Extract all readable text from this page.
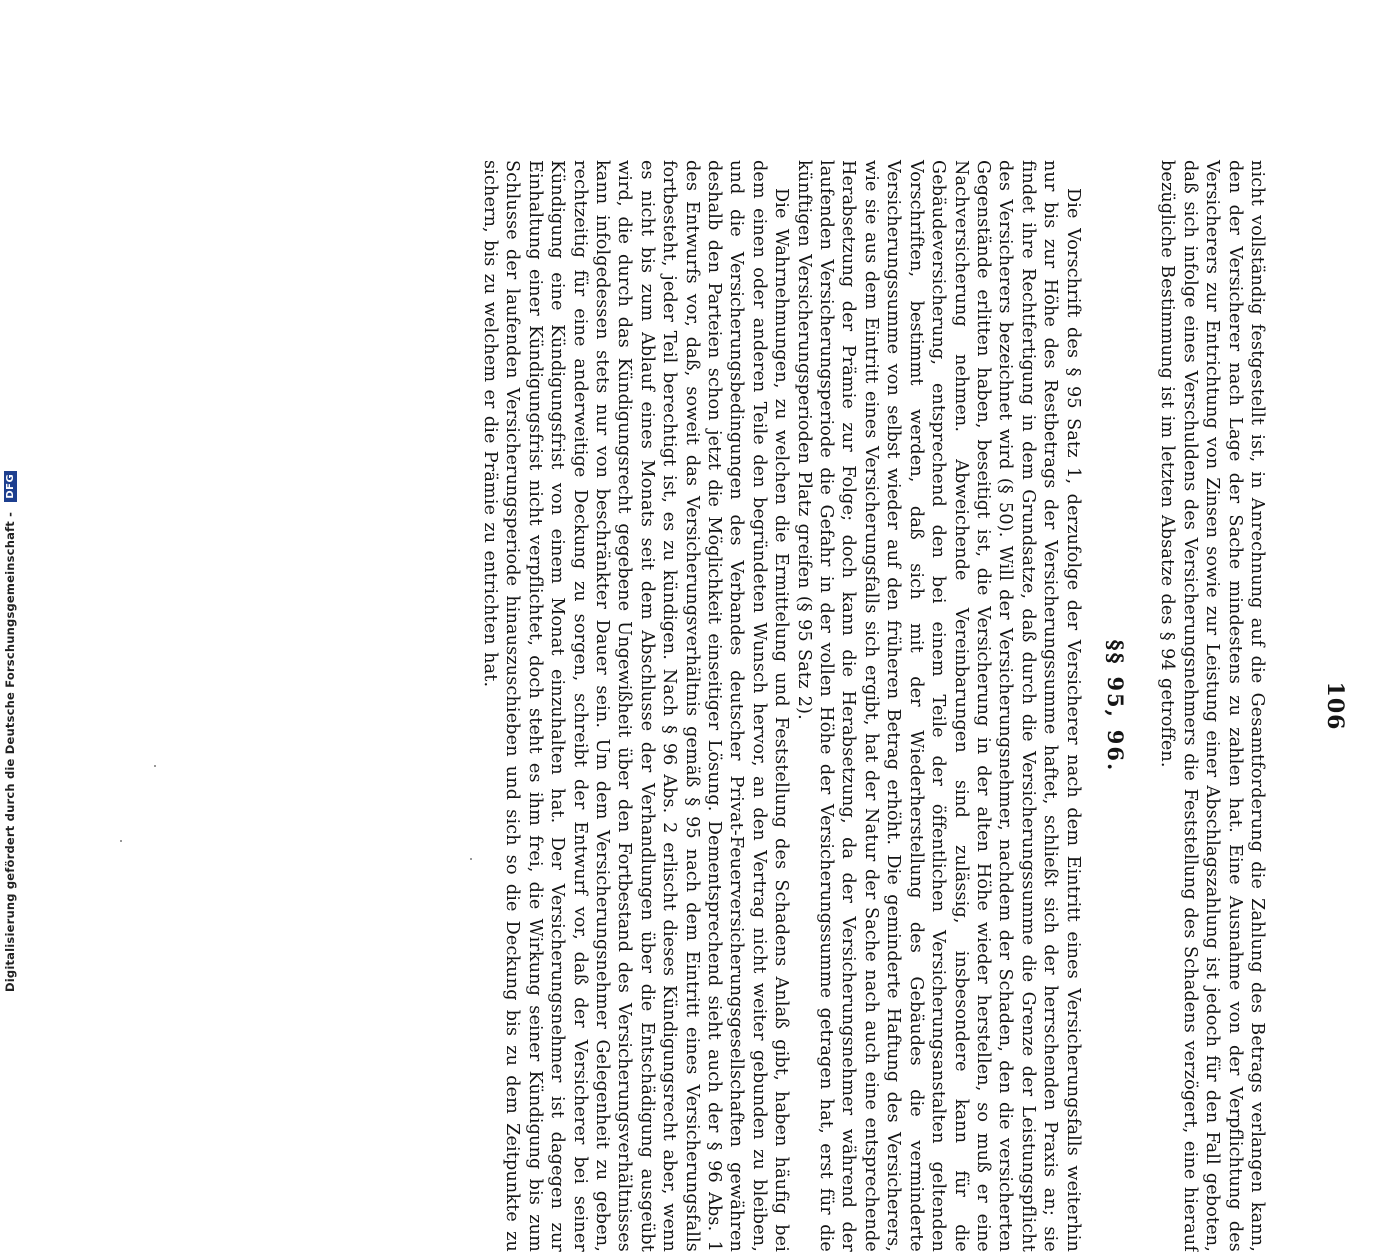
Digitalisierung gefördert durch die Deutsche Forschungsgemeinschaft - DFG
106

nicht vollständig festgestellt ist, in Anrechnung auf die Gesamtforderung die Zahlung des Betrags verlangen kann, den der Versicherer nach Lage der Sache mindestens zu zahlen hat. Eine Ausnahme von der Verpflichtung des Versicherers zur Entrichtung von Zinsen sowie zur Leistung einer Abschlagszahlung ist jedoch für den Fall geboten, daß sich infolge eines Verschuldens des Versicherungsnehmers die Feststellung des Schadens verzögert, eine hierauf bezügliche Bestimmung ist im letzten Absatze des § 94 getroffen.

§§ 95, 96.

Die Vorschrift des § 95 Satz 1, derzufolge der Versicherer nach dem Eintritt eines Versicherungsfalls weiterhin nur bis zur Höhe des Restbetrags der Versicherungssumme haftet, schließt sich der herrschenden Praxis an; sie findet ihre Rechtfertigung in dem Grundsatze, daß durch die Versicherungssumme die Grenze der Leistungspflicht des Versicherers bezeichnet wird (§ 50). Will der Versicherungsnehmer, nachdem der Schaden, den die versicherten Gegenstände erlitten haben, beseitigt ist, die Versicherung in der alten Höhe wieder herstellen, so muß er eine Nachversicherung nehmen. Abweichende Vereinbarungen sind zulässig, insbesondere kann für die Gebäudeversicherung, entsprechend den bei einem Teile der öffentlichen Versicherungsanstalten geltenden Vorschriften, bestimmt werden, daß sich mit der Wiederherstellung des Gebäudes die verminderte Versicherungssumme von selbst wieder auf den früheren Betrag erhöht. Die geminderte Haftung des Versicherers, wie sie aus dem Eintritt eines Versicherungsfalls sich ergibt, hat der Natur der Sache nach auch eine entsprechende Herabsetzung der Prämie zur Folge; doch kann die Herabsetzung, da der Versicherungsnehmer während der laufenden Versicherungsperiode die Gefahr in der vollen Höhe der Versicherungssumme getragen hat, erst für die künftigen Versicherungsperioden Platz greifen (§ 95 Satz 2).

Die Wahrnehmungen, zu welchen die Ermittelung und Feststellung des Schadens Anlaß gibt, haben häufig bei dem einen oder anderen Teile den begründeten Wunsch hervor, an den Vertrag nicht weiter gebunden zu bleiben, und die Versicherungsbedingungen des Verbandes deutscher Privat-Feuerversicherungsgesellschaften gewähren deshalb den Parteien schon jetzt die Möglichkeit einseitiger Lösung. Dementsprechend sieht auch der § 96 Abs. 1 des Entwurfs vor, daß, soweit das Versicherungsverhältnis gemäß § 95 nach dem Eintritt eines Versicherungsfalls fortbesteht, jeder Teil berechtigt ist, es zu kündigen. Nach § 96 Abs. 2 erlischt dieses Kündigungsrecht aber, wenn es nicht bis zum Ablauf eines Monats seit dem Abschlusse der Verhandlungen über die Entschädigung ausgeübt wird, die durch das Kündigungsrecht gegebene Ungewißheit über den Fortbestand des Versicherungsverhältnisses kann infolgedessen stets nur von beschränkter Dauer sein. Um dem Versicherungsnehmer Gelegenheit zu geben, rechtzeitig für eine anderweitige Deckung zu sorgen, schreibt der Entwurf vor, daß der Versicherer bei seiner Kündigung eine Kündigungsfrist von einem Monat einzuhalten hat. Der Versicherungsnehmer ist dagegen zur Einhaltung einer Kündigungsfrist nicht verpflichtet, doch steht es ihm frei, die Wirkung seiner Kündigung bis zum Schlusse der laufenden Versicherungsperiode hinauszuschieben und sich so die Deckung bis zu dem Zeitpunkte zu sichern, bis zu welchem er die Prämie zu entrichten hat.
